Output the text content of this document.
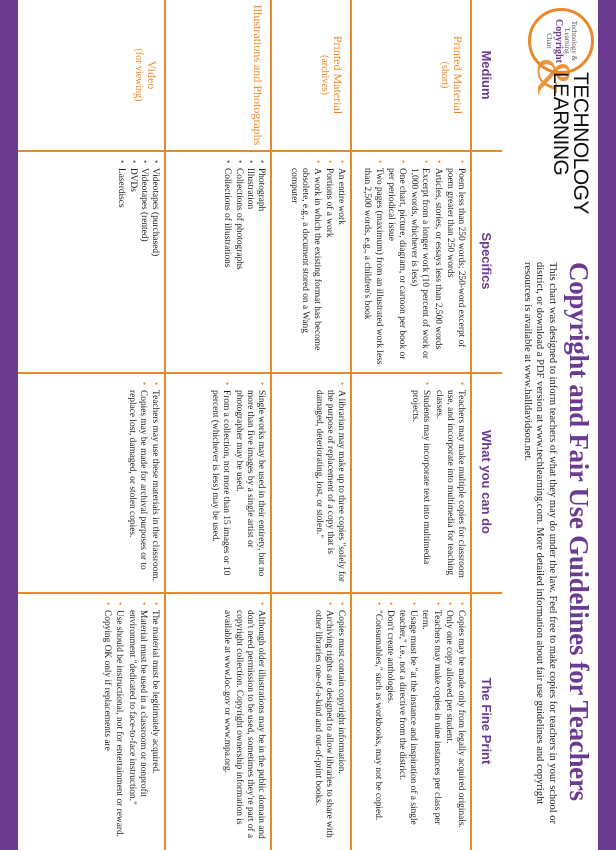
Technology & Learning
Copyright
Chart
TECHNOLOGY
&
LEARNING
Copyright and Fair Use Guidelines for Teachers
This chart was designed to inform teachers of what they may do under the law. Feel free to make copies for teachers in your school or district, or download a PDF version at www.techlearning.com. More detailed information about fair use guidelines and copyright resources is available at www.halldavidson.net.
Medium
Specifics
What you can do
The Fine Print
Printed Material
(short)
• Poem less than 250 words; 250-word excerpt of poem greater than 250 words
• Articles, stories, or essays less than 2,500 words
• Excerpt from a longer work (10 percent of work or 1,000 words, whichever is less)
• One chart, picture, diagram, or cartoon per book or per periodical issue
• Two pages (maximum) from an illustrated work less than 2,500 words, e.g., a children's book
• Teachers may make multiple copies for classroom use, and incorporate into multimedia for teaching classes.
• Students may incorporate text into multimedia projects.
• Copies may be made only from legally acquired originals.
• Only one copy allowed per student.
• Teachers may make copies in nine instances per class per term.
• Usage must be "at the instance and inspiration of a single teacher," i.e., not a directive from the district.
• Don't create anthologies.
• "Consumables," such as workbooks, may not be copied.
Printed Material
(archives)
• An entire work
• Portions of a work
• A work in which the existing format has become obsolete, e.g., a document stored on a Wang computer
• A librarian may make up to three copies "solely for the purpose of replacement of a copy that is damaged, deteriorating, lost, or stolen."
• Copies must contain copyright information.
• Archiving rights are designed to allow libraries to share with other libraries one-of-a-kind and out-of-print books.
Illustrations and Photographs
• Photograph
• Illustration
• Collections of photographs
• Collections of illustrations
• Single works may be used in their entirety, but no more than five images by a single artist or photographer may be used.
• From a collection, not more than 15 images or 10 percent (whichever is less) may be used.
• Although older illustrations may be in the public domain and don't need permission to be used, sometimes they're part of a copyright collection. Copyright ownership information is available at www.loc.gov or www.mpa.org.
Video
(for viewing)
• Videotapes (purchased)
• Videotapes (rented)
• DVDs
• Laserdiscs
• Teachers may use these materials in the classroom.
• Copies may be made for archival purposes or to replace lost, damaged, or stolen copies.
• The material must be legitimately acquired.
• Material must be used in a classroom or nonprofit environment "dedicated to face-to-face instruction."
• Use should be instructional, not for entertainment or reward.
• Copying OK only if replacements are
